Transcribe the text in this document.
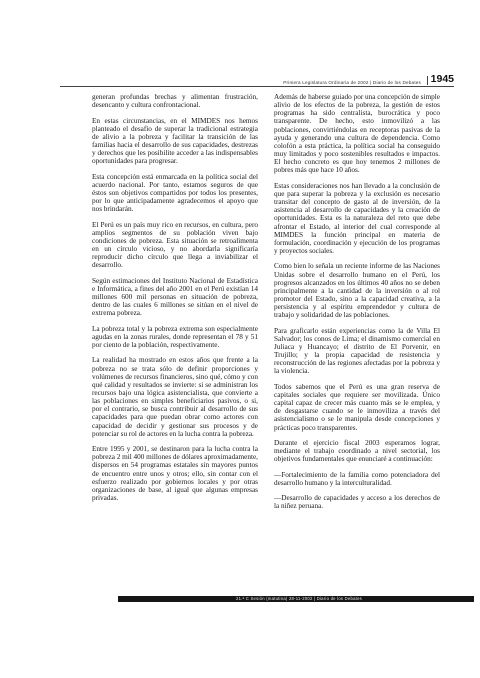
Primera Legislatura Ordinaria de 2002 | Diario de los Debates 1945

generan profundas brechas y alimentan frustración, desencanto y cultura confrontacional.

En estas circunstancias, en el MIMDES nos hemos planteado el desafío de superar la tradicional estrategia de alivio a la pobreza y facilitar la transición de las familias hacia el desarrollo de sus capacidades, destrezas y derechos que les posibilite acceder a las indispensables oportunidades para progresar.

Esta concepción está enmarcada en la política social del acuerdo nacional. Por tanto, estamos seguros de que éstos son objetivos compartidos por todos los presentes, por lo que anticipadamente agradecemos el apoyo que nos brindarán.

El Perú es un país muy rico en recursos, en cultura, pero amplios segmentos de su población viven bajo condiciones de pobreza. Esta situación se retroalimenta en un círculo vicioso, y no abordarla significaría reproducir dicho círculo que llega a inviabilizar el desarrollo.

Según estimaciones del Instituto Nacional de Estadística e Informática, a fines del año 2001 en el Perú existían 14 millones 600 mil personas en situación de pobreza, dentro de las cuales 6 millones se sitúan en el nivel de extrema pobreza.

La pobreza total y la pobreza extrema son especialmente agudas en la zonas rurales, donde representan el 78 y 51 por ciento de la población, respectivamente.

La realidad ha mostrado en estos años que frente a la pobreza no se trata sólo de definir proporciones y volúmenes de recursos financieros, sino qué, cómo y con qué calidad y resultados se invierte: si se administran los recursos bajo una lógica asistencialista, que convierte a las poblaciones en simples beneficiarios pasivos, o si, por el contrario, se busca contribuir al desarrollo de sus capacidades para que puedan obrar como actores con capacidad de decidir y gestionar sus procesos y de potenciar su rol de actores en la lucha contra la pobreza.

Entre 1995 y 2001, se destinaron para la lucha contra la pobreza 2 mil 400 millones de dólares aproximadamente, dispersos en 54 programas estatales sin mayores puntos de encuentro entre unos y otros; ello, sin contar con el esfuerzo realizado por gobiernos locales y por otras organizaciones de base, al igual que algunas empresas privadas.

Además de haberse guiado por una concepción de simple alivio de los efectos de la pobreza, la gestión de estos programas ha sido centralista, burocrática y poco transparente. De hecho, esto inmovilizó a las poblaciones, convirtiéndolas en receptoras pasivas de la ayuda y generando una cultura de dependencia. Como colofón a esta práctica, la política social ha conseguido muy limitados y poco sostenibles resultados e impactos. El hecho concreto es que hoy tenemos 2 millones de pobres más que hace 10 años.

Estas consideraciones nos han llevado a la conclusión de que para superar la pobreza y la exclusión es necesario transitar del concepto de gasto al de inversión, de la asistencia al desarrollo de capacidades y la creación de oportunidades. Esta es la naturaleza del reto que debe afrontar el Estado, al interior del cual corresponde al MIMDES la función principal en materia de formulación, coordinación y ejecución de los programas y proyectos sociales.

Como bien lo señala un reciente informe de las Naciones Unidas sobre el desarrollo humano en el Perú, los progresos alcanzados en los últimos 40 años no se deben principalmente a la cantidad de la inversión o al rol promotor del Estado, sino a la capacidad creativa, a la persistencia y al espíritu emprendedor y cultura de trabajo y solidaridad de las poblaciones.

Para graficarlo están experiencias como la de Villa El Salvador; los conos de Lima; el dinamismo comercial en Juliaca y Huancayo; el distrito de El Porvenir, en Trujillo; y la propia capacidad de resistencia y reconstrucción de las regiones afectadas por la pobreza y la violencia.

Todos sabemos que el Perú es una gran reserva de capitales sociales que requiere ser movilizada. Único capital capaz de crecer más cuanto más se le emplea, y de desgastarse cuando se le inmoviliza a través del asistencialismo o se le manipula desde concepciones y prácticas poco transparentes.

Durante el ejercicio fiscal 2003 esperamos lograr, mediante el trabajo coordinado a nivel sectorial, los objetivos fundamentales que enunciaré a continuación:

—Fortalecimiento de la familia como potenciadora del desarrollo humano y la interculturalidad.

—Desarrollo de capacidades y acceso a los derechos de la niñez peruana.

21.ª C Sesión (matutina) 28-11-2002 | Diario de los Debates
